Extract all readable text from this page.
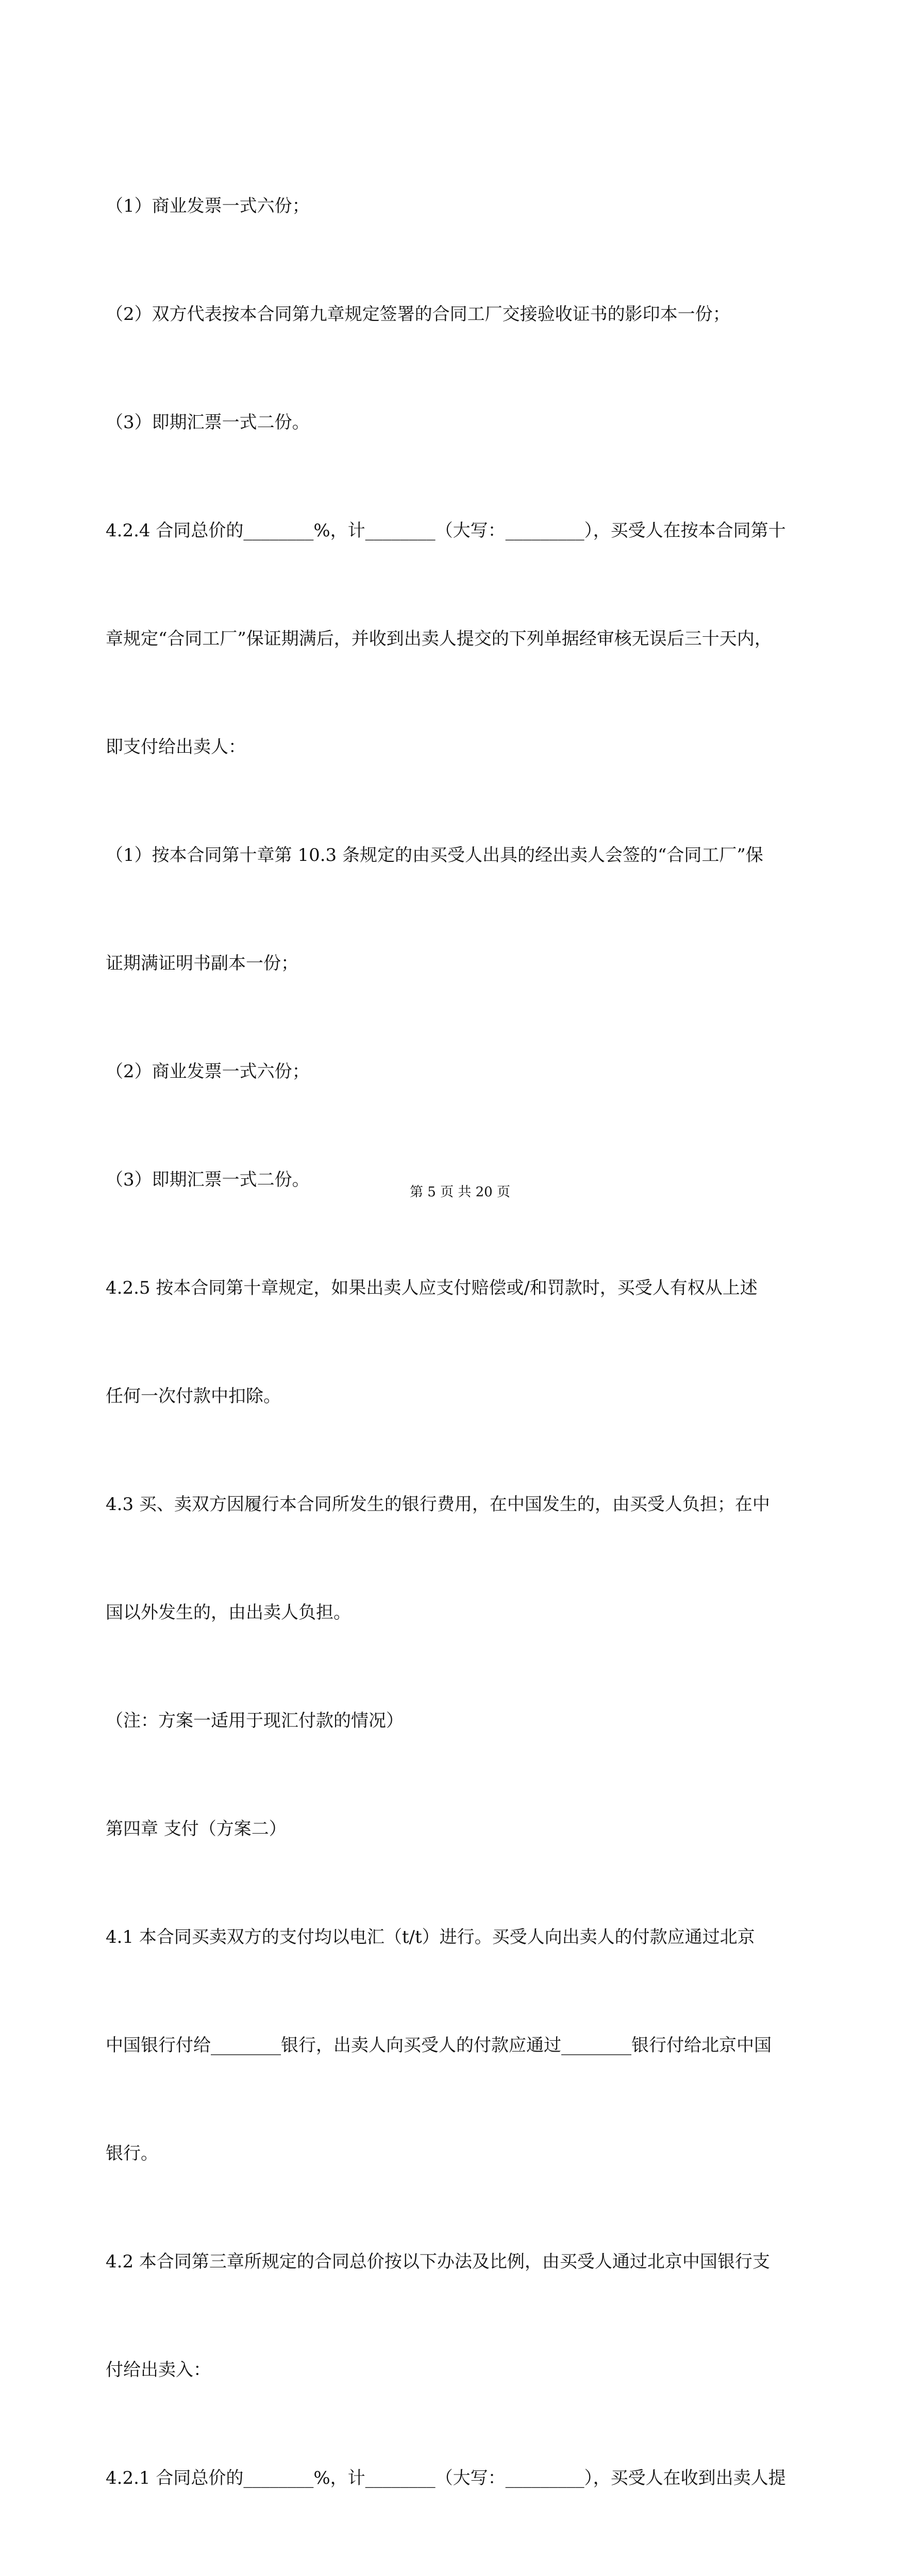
（1）商业发票一式六份；

（2）双方代表按本合同第九章规定签署的合同工厂交接验收证书的影印本一份；

（3）即期汇票一式二份。

4.2.4 合同总价的________%，计________（大写：_________），买受人在按本合同第十

章规定“合同工厂”保证期满后，并收到出卖人提交的下列单据经审核无误后三十天内，

即支付给出卖人：

（1）按本合同第十章第 10.3 条规定的由买受人出具的经出卖人会签的“合同工厂”保

证期满证明书副本一份；

（2）商业发票一式六份；

（3）即期汇票一式二份。

4.2.5 按本合同第十章规定，如果出卖人应支付赔偿或/和罚款时，买受人有权从上述

任何一次付款中扣除。

4.3 买、卖双方因履行本合同所发生的银行费用，在中国发生的，由买受人负担；在中

国以外发生的，由出卖人负担。

（注：方案一适用于现汇付款的情况）

第四章 支付（方案二）

4.1 本合同买卖双方的支付均以电汇（t/t）进行。买受人向出卖人的付款应通过北京

中国银行付给________银行，出卖人向买受人的付款应通过________银行付给北京中国

银行。

4.2 本合同第三章所规定的合同总价按以下办法及比例，由买受人通过北京中国银行支

付给出卖入：

4.2.1 合同总价的________%，计________（大写：_________），买受人在收到出卖人提

第 5 页 共 20 页
